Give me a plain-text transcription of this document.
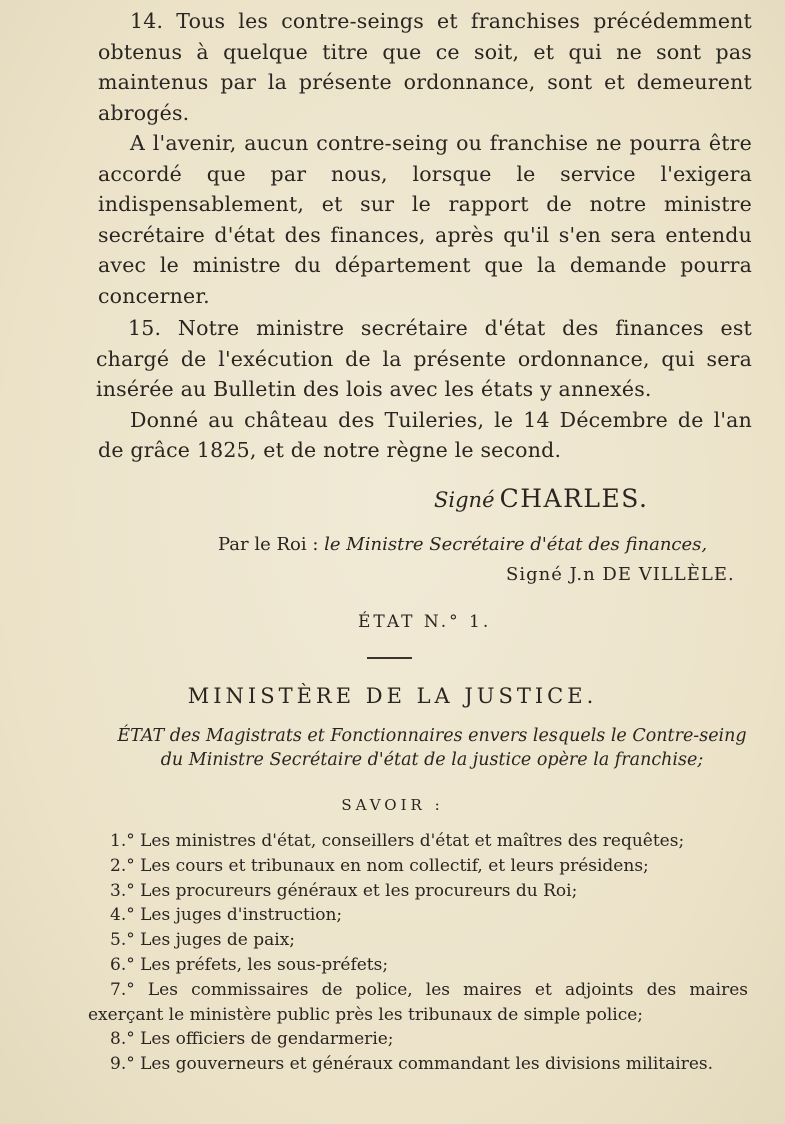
14. Tous les contre-seings et franchises précédemment obtenus à quelque titre que ce soit, et qui ne sont pas maintenus par la présente ordonnance, sont et demeurent abrogés.

A l'avenir, aucun contre-seing ou franchise ne pourra être accordé que par nous, lorsque le service l'exigera indispensablement, et sur le rapport de notre ministre secrétaire d'état des finances, après qu'il s'en sera entendu avec le ministre du département que la demande pourra concerner.

15. Notre ministre secrétaire d'état des finances est chargé de l'exécution de la présente ordonnance, qui sera insérée au Bulletin des lois avec les états y annexés.

Donné au château des Tuileries, le 14 Décembre de l'an de grâce 1825, et de notre règne le second.

Signé CHARLES.
Par le Roi : le Ministre Secrétaire d'état des finances,
Signé J.n DE VILLÈLE.
ÉTAT N.° 1.
MINISTÈRE DE LA JUSTICE.
ÉTAT des Magistrats et Fonctionnaires envers lesquels le Contre-seing du Ministre Secrétaire d'état de la justice opère la franchise;
SAVOIR :

1.° Les ministres d'état, conseillers d'état et maîtres des requêtes;

2.° Les cours et tribunaux en nom collectif, et leurs présidens;

3.° Les procureurs généraux et les procureurs du Roi;

4.° Les juges d'instruction;

5.° Les juges de paix;

6.° Les préfets, les sous-préfets;

7.° Les commissaires de police, les maires et adjoints des maires exerçant le ministère public près les tribunaux de simple police;

8.° Les officiers de gendarmerie;

9.° Les gouverneurs et généraux commandant les divisions militaires.
